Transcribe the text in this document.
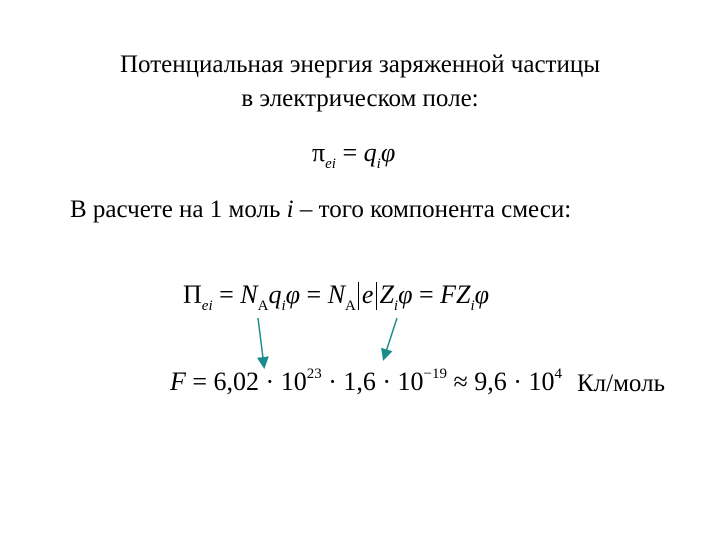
Потенциальная энергия заряженной частицы
в электрическом поле:
$\pi_{ei} = q_i\varphi$
В расчете на 1 моль i – того компонента смеси:
$\Pi_{ei} = N_Aq_i\varphi = N_A$ e $Z_i\varphi = FZ_i\varphi$
$F = 6,02 \cdot 10^{23} \cdot 1,6 \cdot 10^{-19} \approx 9,6 \cdot 10^4$ Кл/моль
